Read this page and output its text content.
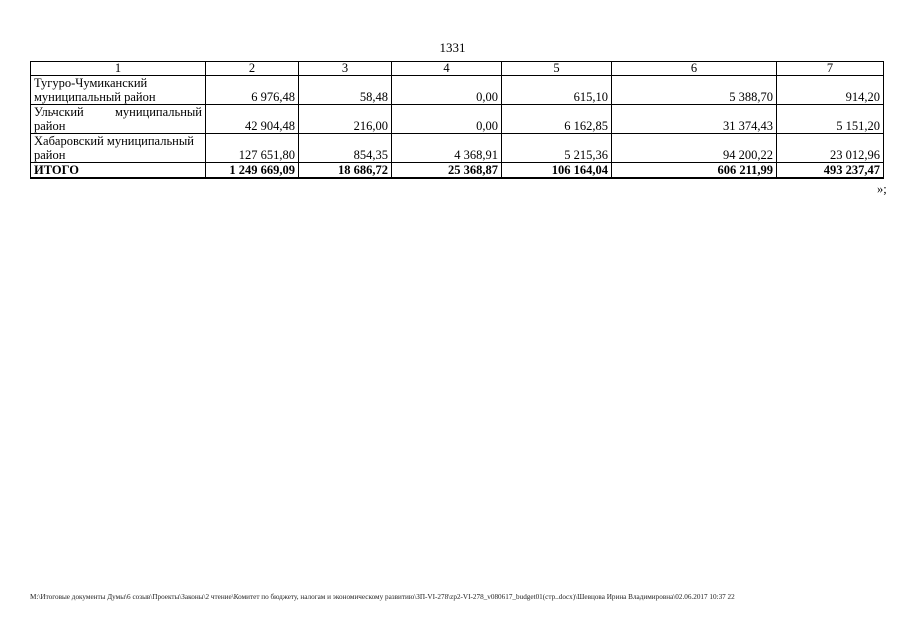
1331
1	2	3	4	5	6	7
Тугуро-Чумиканский муниципальный район	6 976,48	58,48	0,00	615,10	5 388,70	914,20
Ульчский муниципальный район	42 904,48	216,00	0,00	6 162,85	31 374,43	5 151,20
Хабаровский муниципальный район	127 651,80	854,35	4 368,91	5 215,36	94 200,22	23 012,96
ИТОГО	1 249 669,09	18 686,72	25 368,87	106 164,04	606 211,99	493 237,47
»;
M:\Итоговые документы Думы\6 созыв\Проекты\Законы\2 чтение\Комитет по бюджету, налогам и экономическому развитию\ЗП-VI-278\zp2-VI-278_v080617_budget01(стр..docx)\Шевцова Ирина Владимировна\02.06.2017 10:37 22
